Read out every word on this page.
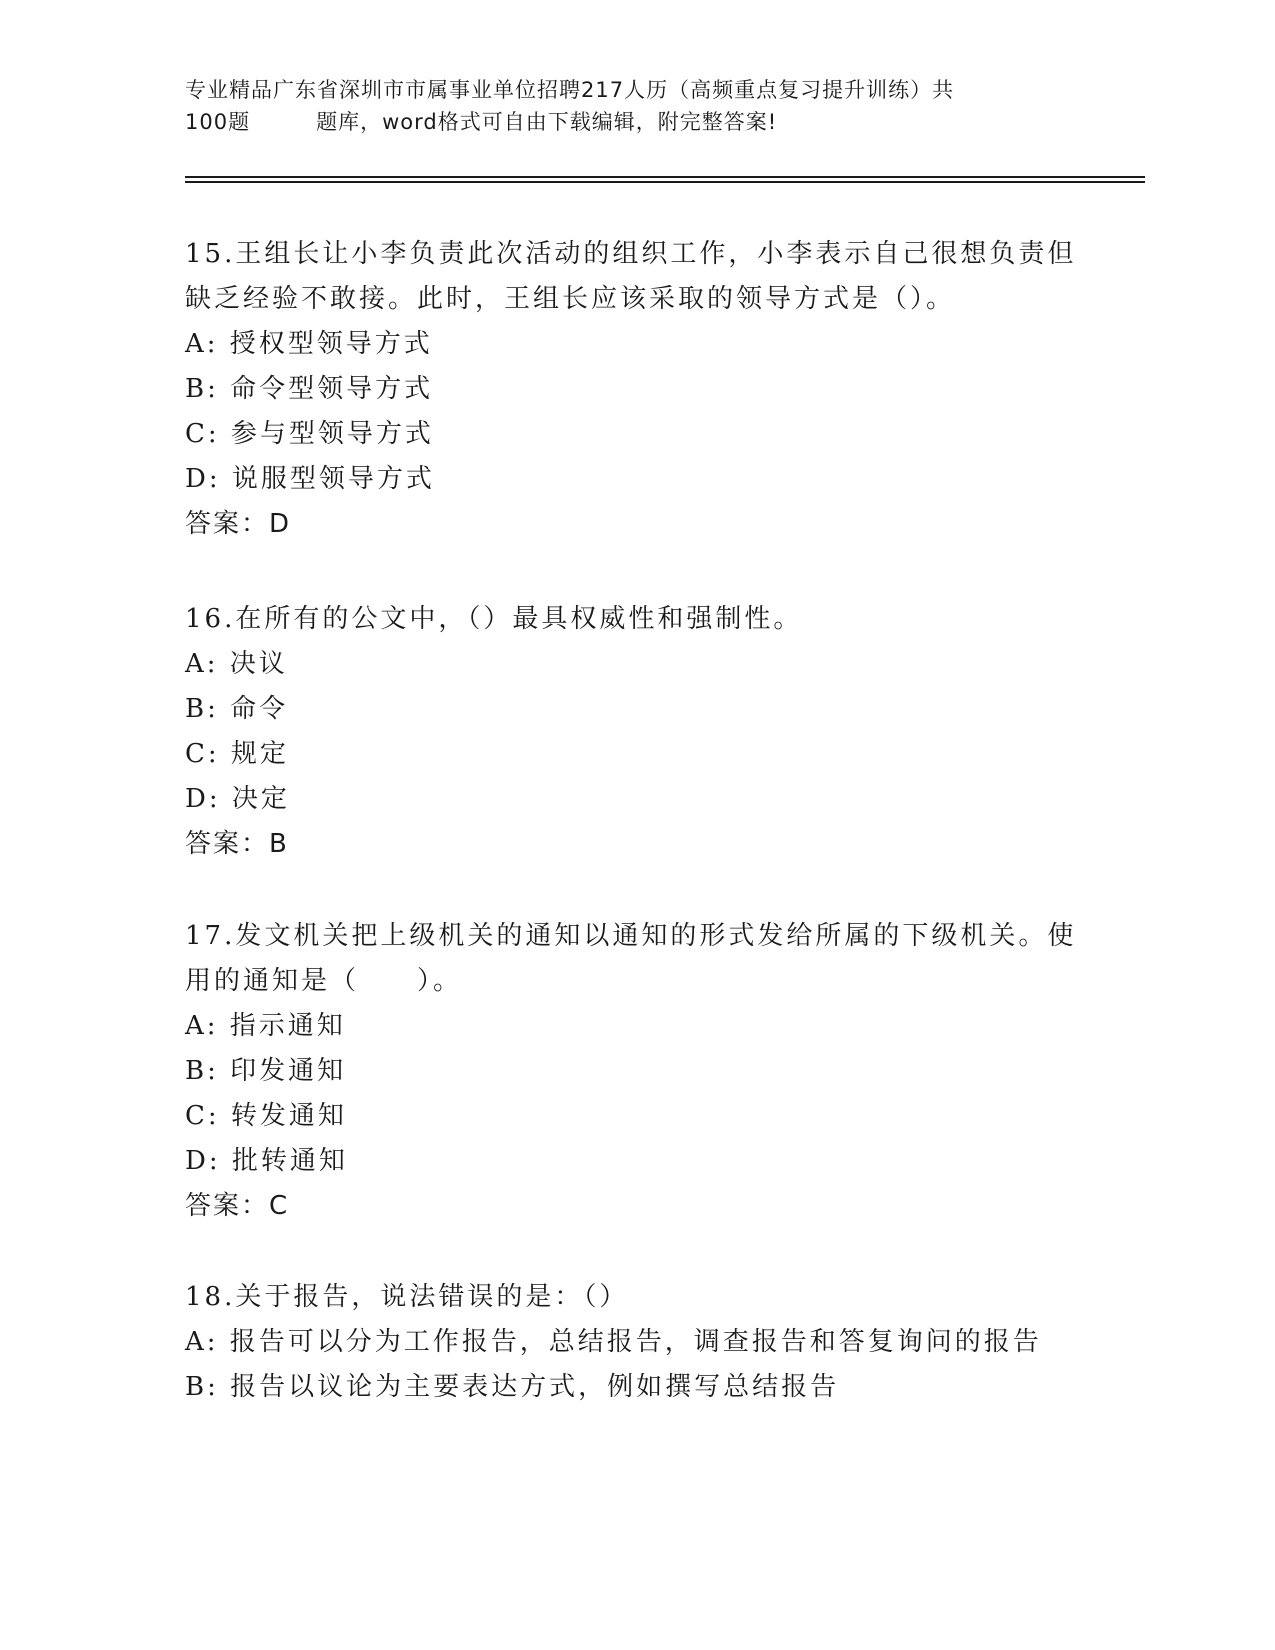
专业精品广东省深圳市市属事业单位招聘217人历（高频重点复习提升训练）共
100题　　　题库，word格式可自由下载编辑，附完整答案!

15.王组长让小李负责此次活动的组织工作，小李表示自己很想负责但缺乏经验不敢接。此时，王组长应该采取的领导方式是（）。

A: 授权型领导方式

B: 命令型领导方式

C: 参与型领导方式

D: 说服型领导方式

答案：D

16.在所有的公文中，（）最具权威性和强制性。

A: 决议

B: 命令

C: 规定

D: 决定

答案：B

17.发文机关把上级机关的通知以通知的形式发给所属的下级机关。使用的通知是（　　）。

A: 指示通知

B: 印发通知

C: 转发通知

D: 批转通知

答案：C

18.关于报告，说法错误的是：（）

A: 报告可以分为工作报告，总结报告，调查报告和答复询问的报告

B: 报告以议论为主要表达方式，例如撰写总结报告
